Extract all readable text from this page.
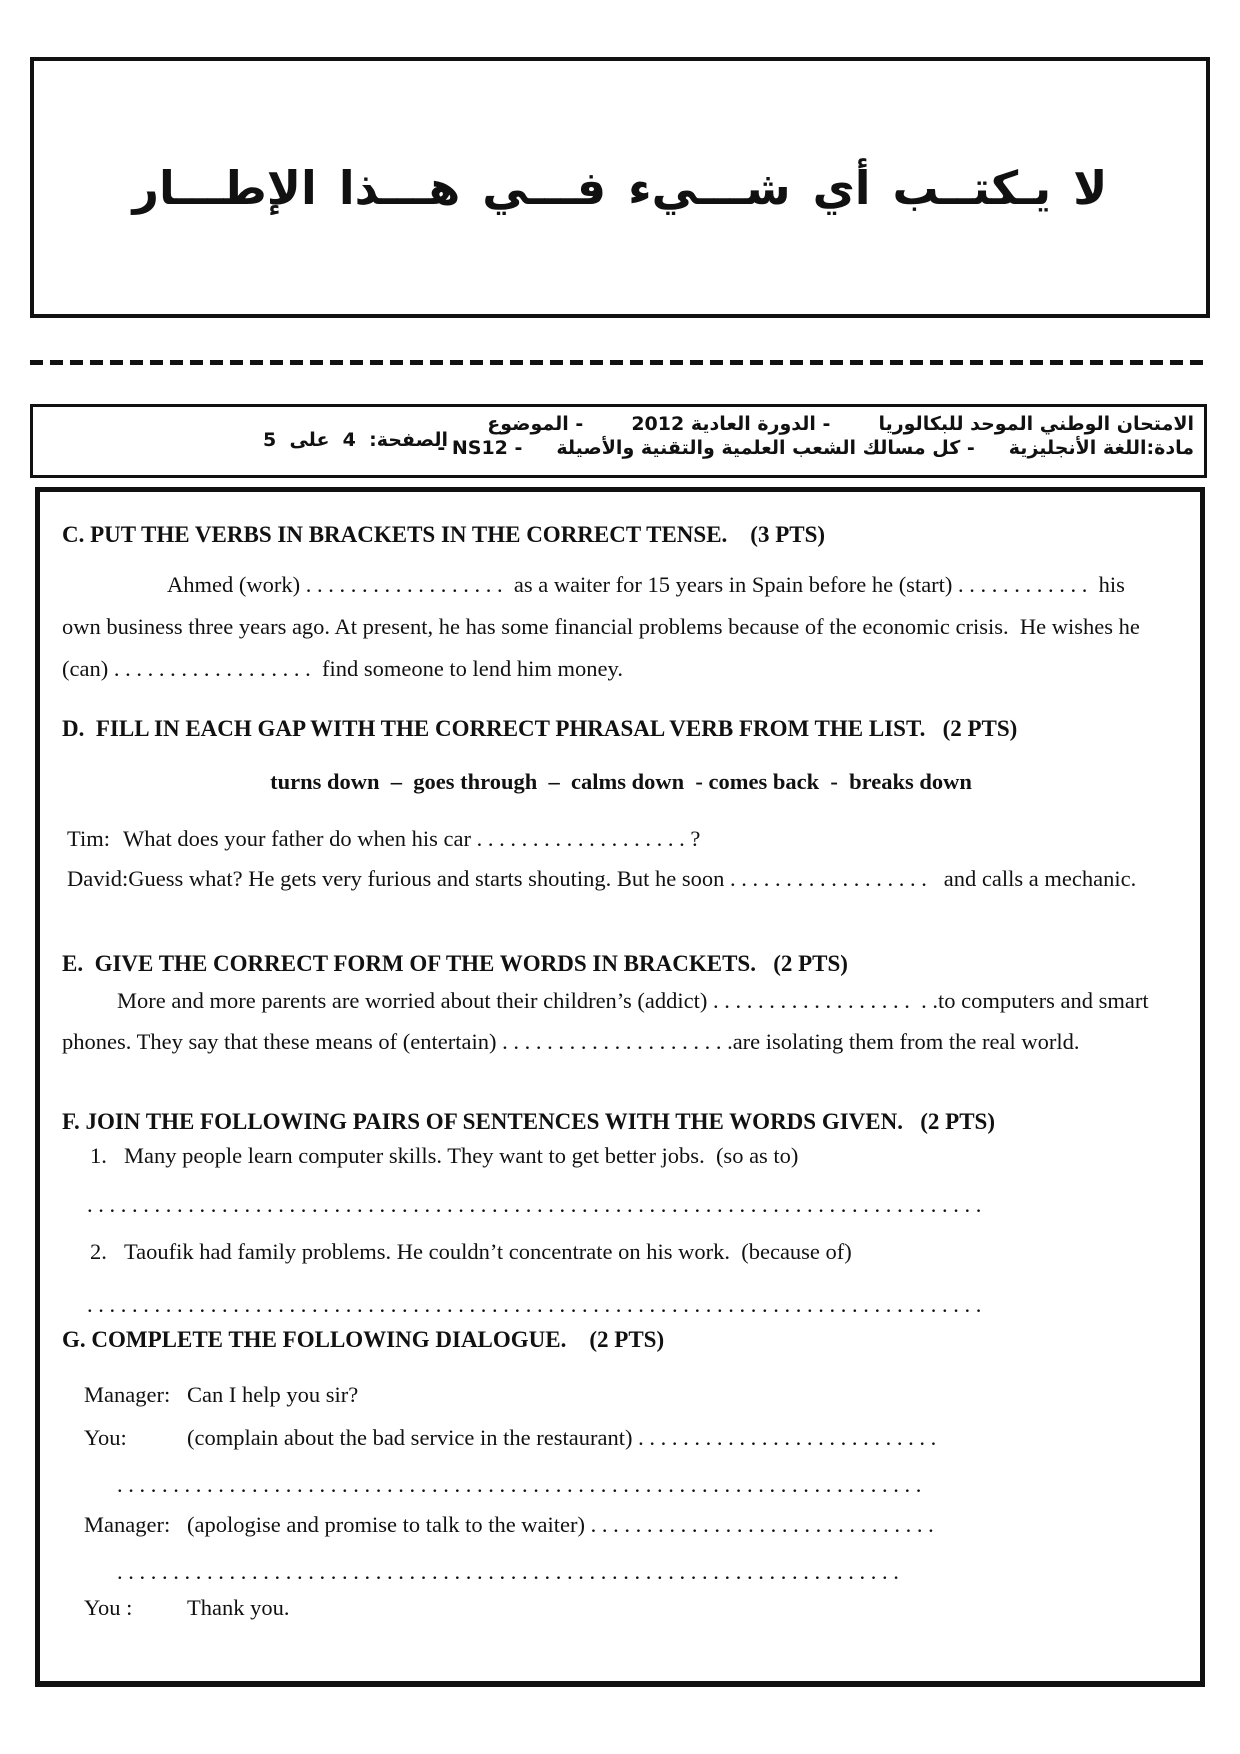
لا يـكتــب أي شـــيء فـــي هـــذا الإطـــار
الامتحان الوطني الموحد للبكالوريا
- الدورة العادية 2012
- الموضوع
مادة:اللغة الأنجليزية
- كل مسالك الشعب العلمية والتقنية والأصيلة
- NS12 -
الصفحة:  4  على  5
C. PUT THE VERBS IN BRACKETS IN THE CORRECT TENSE.    (3 PTS)
Ahmed (work) . . . . . . . . . . . . . . . . . .  as a waiter for 15 years in Spain before he (start) . . . . . . . . . . . .  his
own business three years ago. At present, he has some financial problems because of the economic crisis.  He wishes he
(can) . . . . . . . . . . . . . . . . . .  find someone to lend him money.
D.  FILL IN EACH GAP WITH THE CORRECT PHRASAL VERB FROM THE LIST.   (2 PTS)
turns down  –  goes through  –  calms down  - comes back  -  breaks down
Tim: What does your father do when his car . . . . . . . . . . . . . . . . . . . ?
David: Guess what? He gets very furious and starts shouting. But he soon . . . . . . . . . . . . . . . . . .   and calls a mechanic.
E.  GIVE THE CORRECT FORM OF THE WORDS IN BRACKETS.   (2 PTS)
More and more parents are worried about their children’s (addict) . . . . . . . . . . . . . . . . . .  . .to computers and smart
phones. They say that these means of (entertain) . . . . . . . . . . . . . . . . . . . . .are isolating them from the real world.
F. JOIN THE FOLLOWING PAIRS OF SENTENCES WITH THE WORDS GIVEN.   (2 PTS)
1. Many people learn computer skills. They want to get better jobs.  (so as to)
. . . . . . . . . . . . . . . . . . . . . . . . . . . . . . . . . . . . . . . . . . . . . . . . . . . . . . . . . . . . . . . . . . . . . . . . . . . . . . . .
2. Taoufik had family problems. He couldn’t concentrate on his work.  (because of)
. . . . . . . . . . . . . . . . . . . . . . . . . . . . . . . . . . . . . . . . . . . . . . . . . . . . . . . . . . . . . . . . . . . . . . . . . . . . . . . .
G. COMPLETE THE FOLLOWING DIALOGUE.    (2 PTS)
Manager: Can I help you sir?
You:	(complain about the bad service in the restaurant) . . . . . . . . . . . . . . . . . . . . . . . . . . .
. . . . . . . . . . . . . . . . . . . . . . . . . . . . . . . . . . . . . . . . . . . . . . . . . . . . . . . . . . . . . . . . . . . . . . . .
Manager: (apologise and promise to talk to the waiter) . . . . . . . . . . . . . . . . . . . . . . . . . . . . . . .
. . . . . . . . . . . . . . . . . . . . . . . . . . . . . . . . . . . . . . . . . . . . . . . . . . . . . . . . . . . . . . . . . . . . . .
You :	Thank you.
